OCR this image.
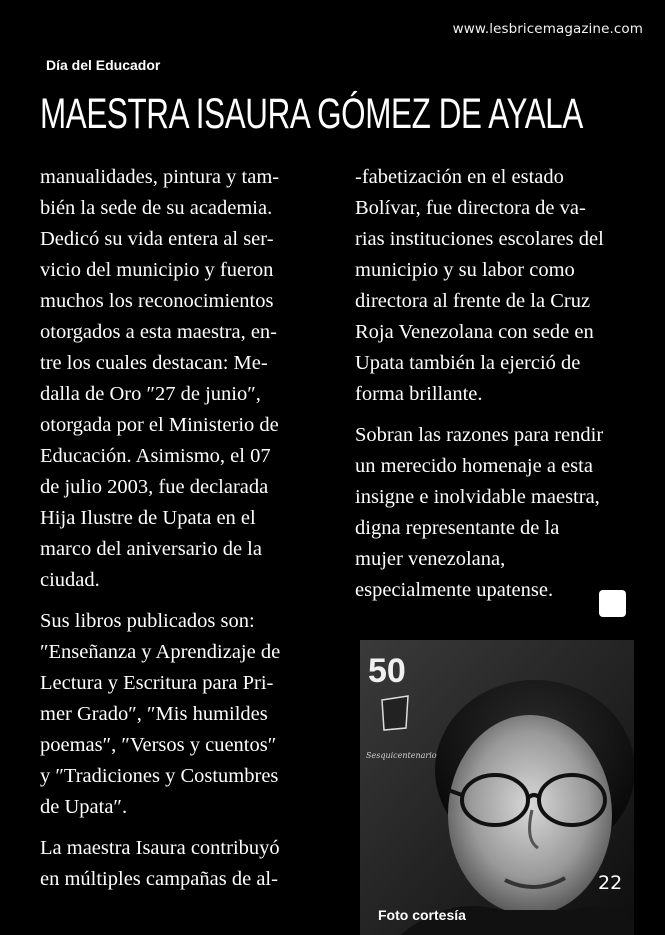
www.lesbricemagazine.com
Día del Educador
MAESTRA ISAURA GÓMEZ DE AYALA
manualidades, pintura y tam-
bién la sede de su academia.
Dedicó su vida entera al ser-
vicio del municipio y fueron
muchos los reconocimientos
otorgados a esta maestra, en-
tre los cuales destacan: Me-
dalla de Oro ″27 de junio″,
otorgada por el Ministerio de
Educación. Asimismo, el 07
de julio 2003, fue declarada
Hija Ilustre de Upata en el
marco del aniversario de la
ciudad.
Sus libros publicados son:
″Enseñanza y Aprendizaje de
Lectura y Escritura para Pri-
mer Grado″, ″Mis humildes
poemas″, ″Versos y cuentos″
y ″Tradiciones y Costumbres
de Upata″.
La maestra Isaura contribuyó
en múltiples campañas de al-
-fabetización en el estado
Bolívar, fue directora de va-
rias instituciones escolares del
municipio y su labor como
directora al frente de la Cruz
Roja Venezolana con sede en
Upata también la ejerció de
forma brillante.
Sobran las razones para rendir
un merecido homenaje a esta
insigne e inolvidable maestra,
digna representante de la
mujer venezolana,
especialmente upatense.
50
Sesquicentenario
22
Foto cortesía
